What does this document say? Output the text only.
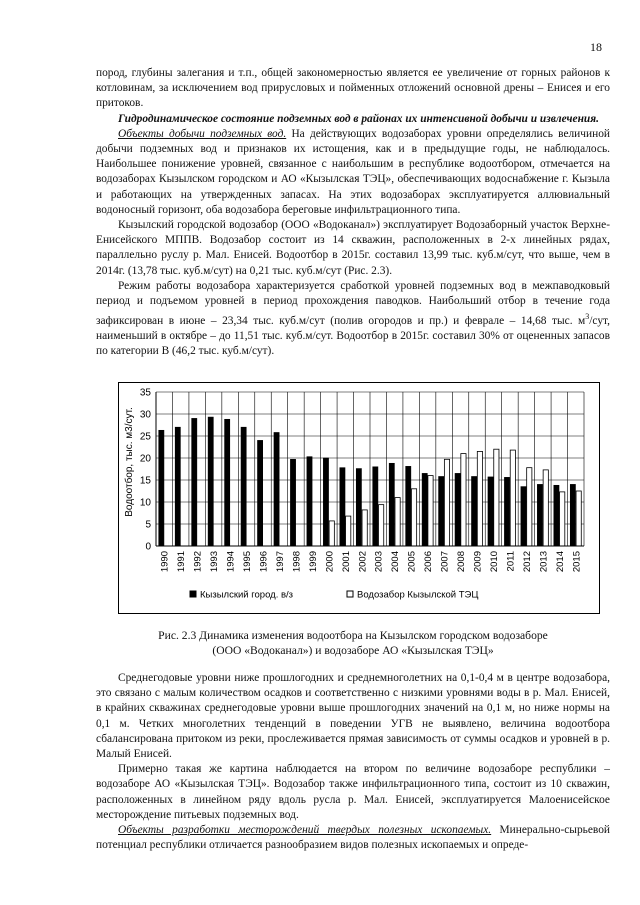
18

пород, глубины залегания и т.п., общей закономерностью является ее увеличение от горных районов к котловинам, за исключением вод прирусловых и пойменных отложений основной дрены – Енисея и его притоков.

Гидродинамическое состояние подземных вод в районах их интенсивной добычи и извлечения.

Объекты добычи подземных вод. На действующих водозаборах уровни определялись величиной добычи подземных вод и признаков их истощения, как и в предыдущие годы, не наблюдалось. Наибольшее понижение уровней, связанное с наибольшим в республике водоотбором, отмечается на водозаборах Кызылском городском и АО «Кызылская ТЭЦ», обеспечивающих водоснабжение г. Кызыла и работающих на утвержденных запасах. На этих водозаборах эксплуатируется аллювиальный водоносный горизонт, оба водозабора береговые инфильтрационного типа.

Кызылский городской водозабор (ООО «Водоканал») эксплуатирует Водозаборный участок Верхне-Енисейского МППВ. Водозабор состоит из 14 скважин, расположенных в 2-х линейных рядах, параллельно руслу р. Мал. Енисей. Водоотбор в 2015г. составил 13,99 тыс. куб.м/сут, что выше, чем в 2014г. (13,78 тыс. куб.м/сут) на 0,21 тыс. куб.м/сут (Рис. 2.3).

Режим работы водозабора характеризуется сработкой уровней подземных вод в межпаводковый период и подъемом уровней в период прохождения паводков. Наибольший отбор в течение года зафиксирован в июне – 23,34 тыс. куб.м/сут (полив огородов и пр.) и феврале – 14,68 тыс. $м^3$/сут, наименьший в октябре – до 11,51 тыс. куб.м/сут. Водоотбор в 2015г. составил 30% от оцененных запасов по категории В (46,2 тыс. куб.м/сут).

0
5
10
15
20
25
30
35
1990 1991 1992 1993 1994 1995 1996 1997 1998 1999 2000 2001 2002 2003 2004 2005 2006 2007 2008 2009 2010 2011 2012 2013 2014 2015
Водоотбор, тыс. м3/сут.
Кызылский город. в/з	Водозабор Кызылской ТЭЦ
Рис. 2.3 Динамика изменения водоотбора на Кызылском городском водозаборе
(ООО «Водоканал») и водозаборе АО «Кызылская ТЭЦ»

Среднегодовые уровни ниже прошлогодних и среднемноголетних на 0,1-0,4 м в центре водозабора, это связано с малым количеством осадков и соответственно с низкими уровнями воды в р. Мал. Енисей, в крайних скважинах среднегодовые уровни выше прошлогодних значений на 0,1 м, но ниже нормы на 0,1 м. Четких многолетних тенденций в поведении УГВ не выявлено, величина водоотбора сбалансирована притоком из реки, прослеживается прямая зависимость от суммы осадков и уровней в р. Малый Енисей.

Примерно такая же картина наблюдается на втором по величине водозаборе республики – водозаборе АО «Кызылская ТЭЦ». Водозабор также инфильтрационного типа, состоит из 10 скважин, расположенных в линейном ряду вдоль русла р. Мал. Енисей, эксплуатируется Малоенисейское месторождение питьевых подземных вод.

Объекты разработки месторождений твердых полезных ископаемых. Минерально-сырьевой потенциал республики отличается разнообразием видов полезных ископаемых и опреде-
